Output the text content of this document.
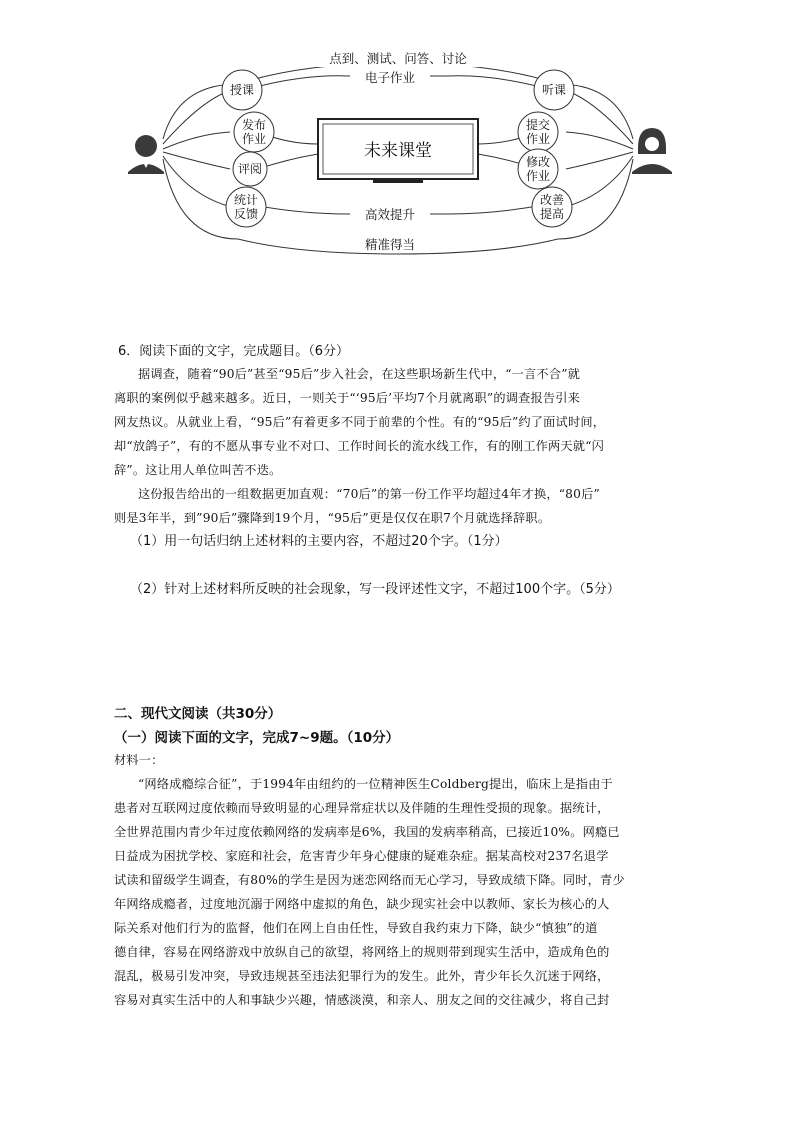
授课
发布
作业
评阅
统计
反馈
听课
提交
作业
修改
作业
改善
提高
点到、测试、问答、讨论
电子作业
高效提升
精准得当
未来课堂
6．阅读下面的文字，完成题目。（6分）
据调查，随着“90后”甚至“95后”步入社会，在这些职场新生代中，“一言不合”就
离职的案例似乎越来越多。近日，一则关于“‘95后’平均7个月就离职”的调查报告引来
网友热议。从就业上看，“95后”有着更多不同于前辈的个性。有的“95后”约了面试时间，
却“放鸽子”，有的不愿从事专业不对口、工作时间长的流水线工作，有的刚工作两天就“闪
辞”。这让用人单位叫苦不迭。
这份报告给出的一组数据更加直观：“70后”的第一份工作平均超过4年才换，“80后”
则是3年半，到”90后”骤降到19个月，“95后”更是仅仅在职7个月就选择辞职。
（1）用一句话归纳上述材料的主要内容，不超过20个字。（1分）
（2）针对上述材料所反映的社会现象，写一段评述性文字，不超过100个字。（5分）
二、现代文阅读（共30分）
（一）阅读下面的文字，完成7~9题。（10分）
材料一：
“网络成瘾综合征”，于1994年由纽约的一位精神医生Coldberg提出，临床上是指由于
患者对互联网过度依赖而导致明显的心理异常症状以及伴随的生理性受损的现象。据统计，
全世界范围内青少年过度依赖网络的发病率是6%，我国的发病率稍高，已接近10%。网瘾已
日益成为困扰学校、家庭和社会，危害青少年身心健康的疑难杂症。据某高校对237名退学
试读和留级学生调查，有80%的学生是因为迷恋网络而无心学习，导致成绩下降。同时，青少
年网络成瘾者，过度地沉溺于网络中虚拟的角色，缺少现实社会中以教师、家长为核心的人
际关系对他们行为的监督，他们在网上自由任性，导致自我约束力下降，缺少“慎独”的道
德自律，容易在网络游戏中放纵自己的欲望，将网络上的规则带到现实生活中，造成角色的
混乱，极易引发冲突，导致违规甚至违法犯罪行为的发生。此外，青少年长久沉迷于网络，
容易对真实生活中的人和事缺少兴趣，情感淡漠，和亲人、朋友之间的交往减少，将自己封
